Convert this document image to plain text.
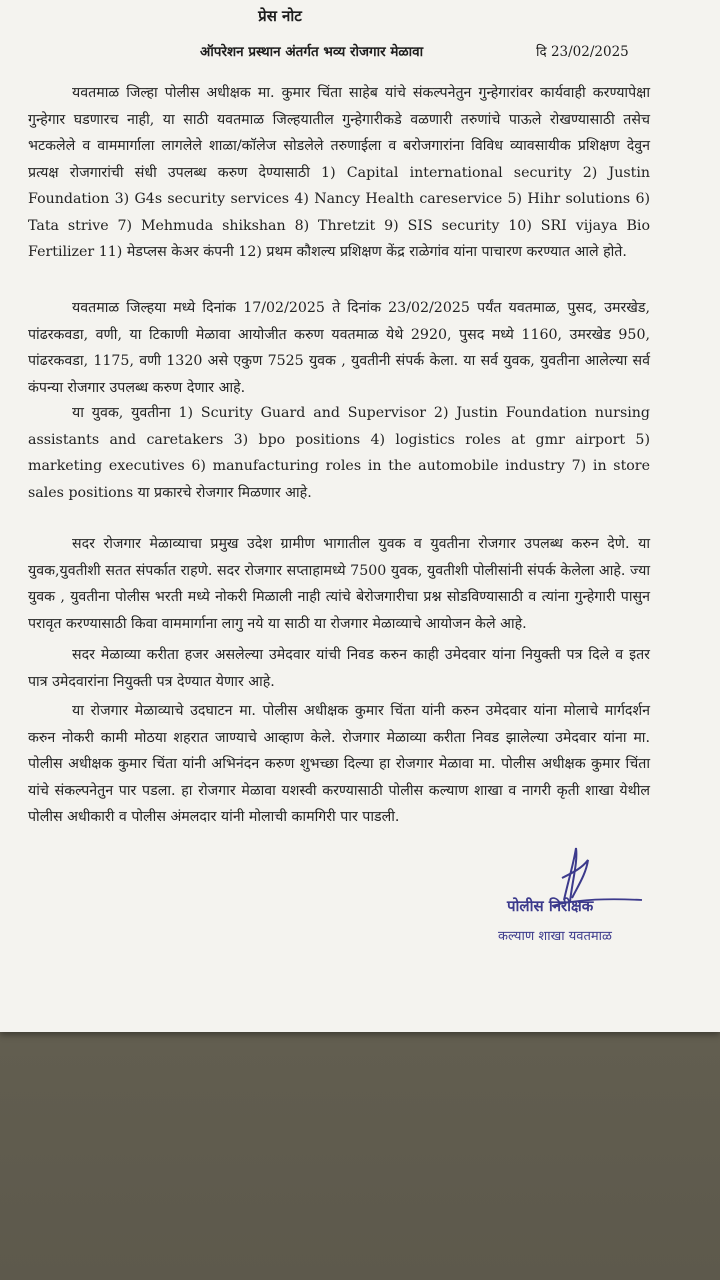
प्रेस नोट
ऑपरेशन प्रस्थान अंतर्गत भव्य रोजगार मेळावा	दि 23/02/2025

यवतमाळ जिल्हा पोलीस अधीक्षक मा. कुमार चिंता साहेब यांचे संकल्पनेतुन गुन्हेगारांवर कार्यवाही करण्यापेक्षा गुन्हेगार घडणारच नाही, या साठी यवतमाळ जिल्हयातील गुन्हेगारीकडे वळणारी तरुणांचे पाऊले रोखण्यासाठी तसेच भटकलेले व वाममार्गाला लागलेले शाळा/कॉलेज सोडलेले तरुणाईला व बरोजगारांना विविध व्यावसायीक प्रशिक्षण देवुन प्रत्यक्ष रोजगारांची संधी उपलब्ध करुण देण्यासाठी 1) Capital international security 2) Justin Foundation 3) G4s security services 4) Nancy Health careservice 5) Hihr solutions 6) Tata strive 7) Mehmuda shikshan 8) Thretzit 9) SIS security 10) SRI vijaya Bio Fertilizer 11) मेडप्लस केअर कंपनी 12) प्रथम कौशल्य प्रशिक्षण केंद्र राळेगांव यांना पाचारण करण्यात आले होते.

यवतमाळ जिल्हया मध्ये दिनांक 17/02/2025 ते दिनांक 23/02/2025 पर्यंत यवतमाळ, पुसद, उमरखेड, पांढरकवडा, वणी, या टिकाणी मेळावा आयोजीत करुण यवतमाळ येथे 2920, पुसद मध्ये 1160, उमरखेड 950, पांढरकवडा, 1175, वणी 1320 असे एकुण 7525 युवक , युवतीनी संपर्क केला. या सर्व युवक, युवतीना आलेल्या सर्व कंपन्या रोजगार उपलब्ध करुण देणार आहे.

या युवक, युवतीना 1) Scurity Guard and Supervisor 2) Justin Foundation nursing assistants and caretakers 3) bpo positions 4) logistics roles at gmr airport 5) marketing executives 6) manufacturing roles in the automobile industry 7) in store sales positions या प्रकारचे रोजगार मिळणार आहे.

सदर रोजगार मेळाव्याचा प्रमुख उदेश ग्रामीण भागातील युवक व युवतीना रोजगार उपलब्ध करुन देणे. या युवक,युवतीशी सतत संपर्कात राहणे. सदर रोजगार सप्ताहामध्ये 7500 युवक, युवतीशी पोलीसांनी संपर्क केलेला आहे. ज्या युवक , युवतीना पोलीस भरती मध्ये नोकरी मिळाली नाही त्यांचे बेरोजगारीचा प्रश्न सोडविण्यासाठी व त्यांना गुन्हेगारी पासुन परावृत करण्यासाठी किवा वाममार्गाना लागु नये या साठी या रोजगार मेळाव्याचे आयोजन केले आहे.

सदर मेळाव्या करीता हजर असलेल्या उमेदवार यांची निवड करुन काही उमेदवार यांना नियुक्ती पत्र दिले व इतर पात्र उमेदवारांना नियुक्ती पत्र देण्यात येणार आहे.

या रोजगार मेळाव्याचे उदघाटन मा. पोलीस अधीक्षक कुमार चिंता यांनी करुन उमेदवार यांना मोलाचे मार्गदर्शन करुन नोकरी कामी मोठया शहरात जाण्याचे आव्हाण केले. रोजगार मेळाव्या करीता निवड झालेल्या उमेदवार यांना मा. पोलीस अधीक्षक कुमार चिंता यांनी अभिनंदन करुण शुभच्छा दिल्या हा रोजगार मेळावा मा. पोलीस अधीक्षक कुमार चिंता यांचे संकल्पनेतुन पार पडला. हा रोजगार मेळावा यशस्वी करण्यासाठी पोलीस कल्याण शाखा व नागरी कृती शाखा येथील पोलीस अधीकारी व पोलीस अंमलदार यांनी मोलाची कामगिरी पार पाडली.

पोलीस निरीक्षक
कल्याण शाखा यवतमाळ
